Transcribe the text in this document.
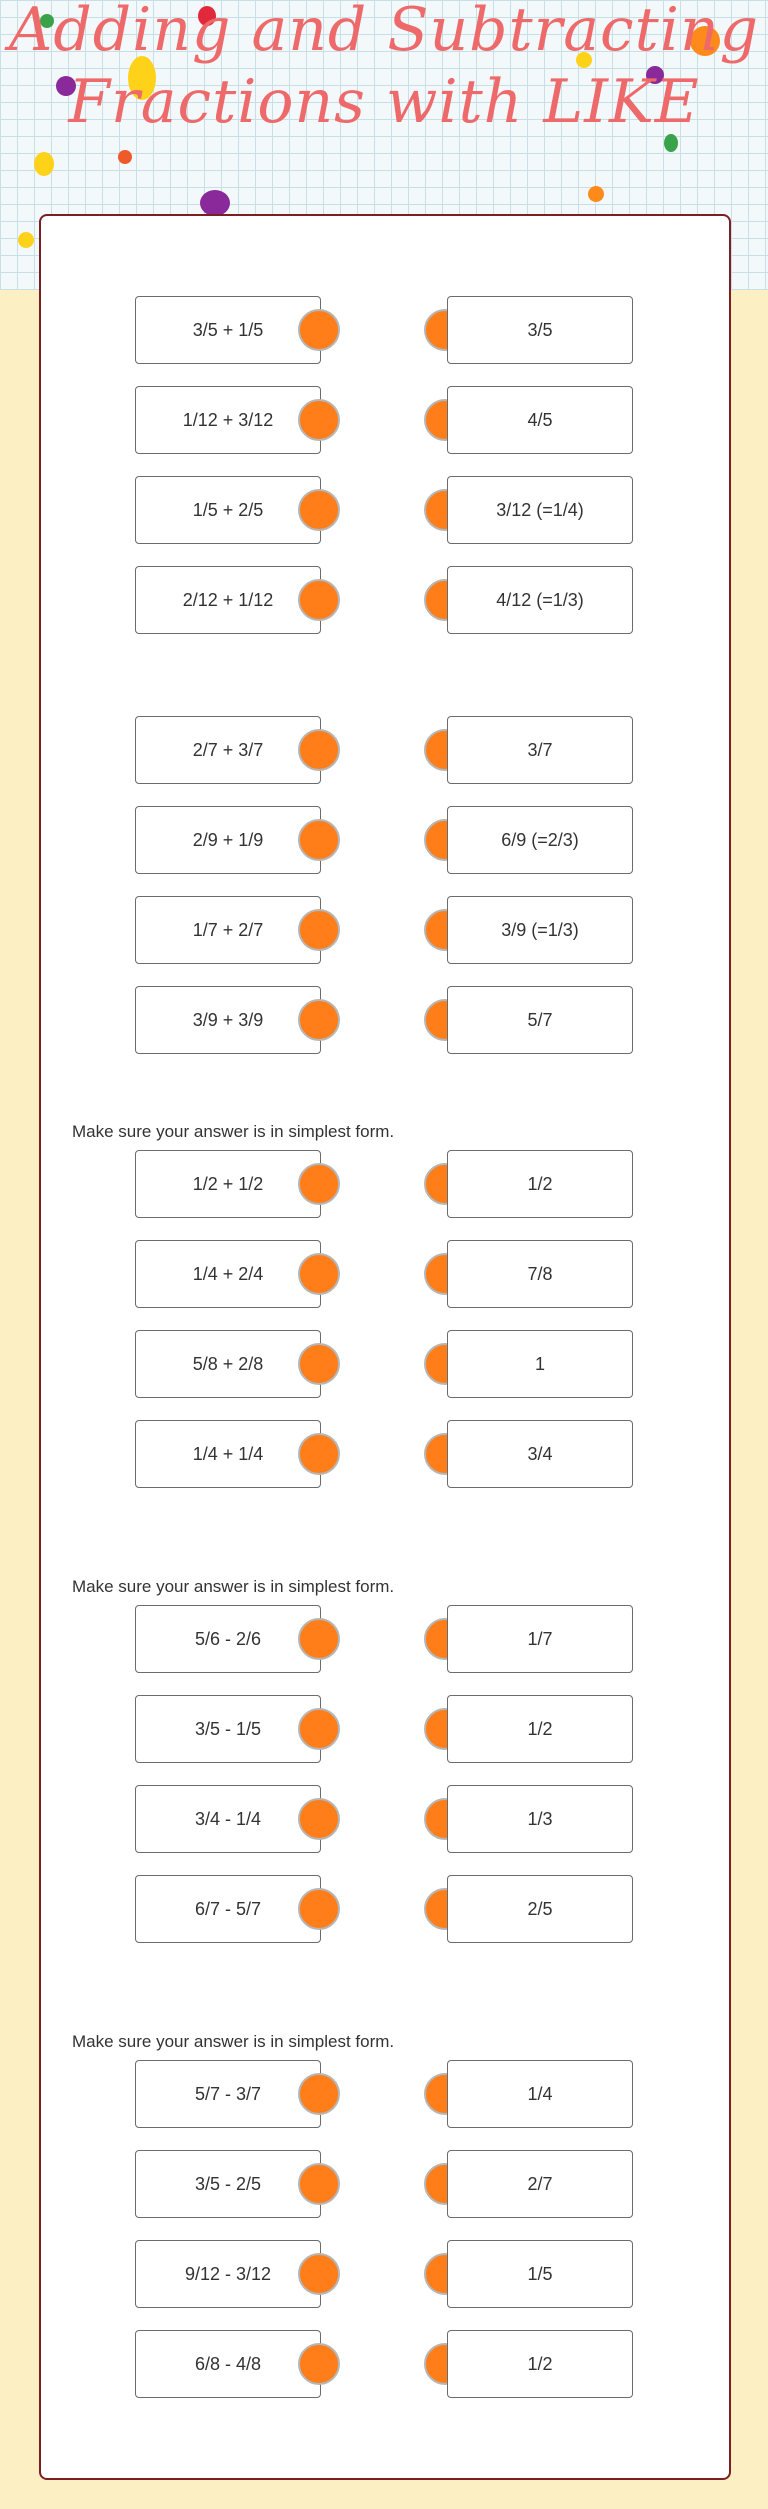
Adding and Subtracting Fractions with LIKE
3/5 + 1/5	3/5
1/12 + 3/12	4/5
1/5 + 2/5	3/12 (=1/4)
2/12 + 1/12	4/12 (=1/3)
2/7 + 3/7	3/7
2/9 + 1/9	6/9 (=2/3)
1/7 + 2/7	3/9 (=1/3)
3/9 + 3/9	5/7
Make sure your answer is in simplest form.
1/2 + 1/2	1/2
1/4 + 2/4	7/8
5/8 + 2/8	1
1/4 + 1/4	3/4
Make sure your answer is in simplest form.
5/6 - 2/6	1/7
3/5 - 1/5	1/2
3/4 - 1/4	1/3
6/7 - 5/7	2/5
Make sure your answer is in simplest form.
5/7 - 3/7	1/4
3/5 - 2/5	2/7
9/12 - 3/12	1/5
6/8 - 4/8	1/2
